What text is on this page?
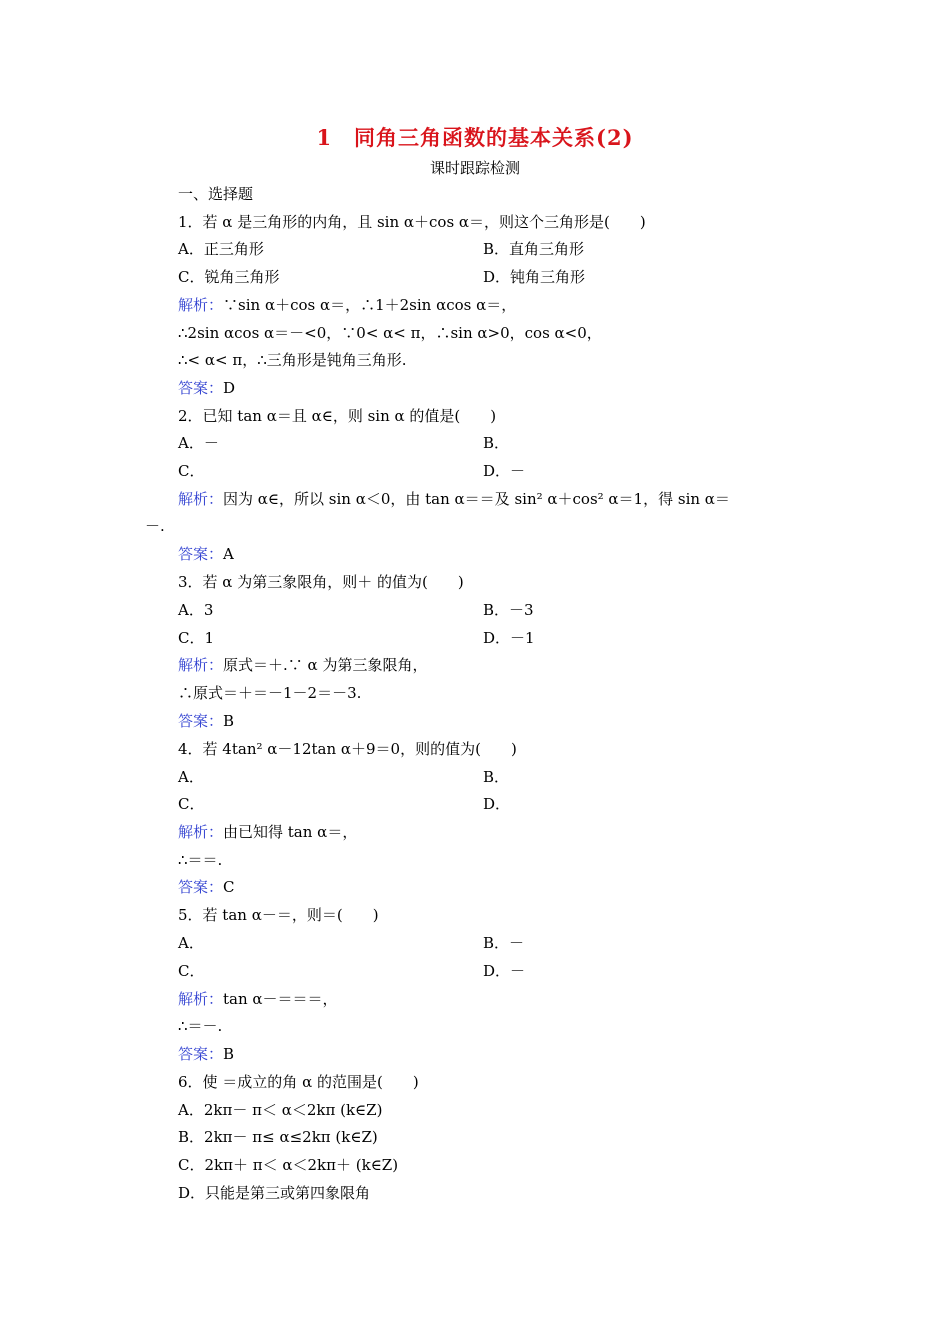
1　同角三角函数的基本关系(2)
课时跟踪检测
一、选择题
1．若 α 是三角形的内角，且 sin α＋cos α＝，则这个三角形是(　　)
A．正三角形	B．直角三角形
C．锐角三角形	D．钝角三角形
解析：∵sin α＋cos α＝，∴1＋2sin αcos α＝，
∴2sin αcos α＝－<0，∵0< α< π，∴sin α>0，cos α<0，
∴< α< π，∴三角形是钝角三角形.
答案：D
2．已知 tan α＝且 α∈，则 sin α 的值是(　　)
A．－	B．
C．	D．－
解析：因为 α∈，所以 sin α＜0，由 tan α＝＝及 sin² α＋cos² α＝1，得 sin α＝
－.
答案：A
3．若 α 为第三象限角，则＋ 的值为(　　)
A．3	B．－3
C．1	D．－1
解析：原式＝＋.∵ α 为第三象限角，
∴原式＝＋＝－1－2＝－3.
答案：B
4．若 4tan² α－12tan α＋9＝0，则的值为(　　)
A．	B．
C．	D．
解析：由已知得 tan α＝，
∴＝＝.
答案：C
5．若 tan α－＝，则＝(　　)
A．	B．－
C．	D．－
解析：tan α－＝＝＝，
∴＝－.
答案：B
6．使 ＝成立的角 α 的范围是(　　)
A．2kπ－ π＜ α＜2kπ (k∈Z)
B．2kπ－ π≤ α≤2kπ (k∈Z)
C．2kπ＋ π＜ α＜2kπ＋ (k∈Z)
D．只能是第三或第四象限角
